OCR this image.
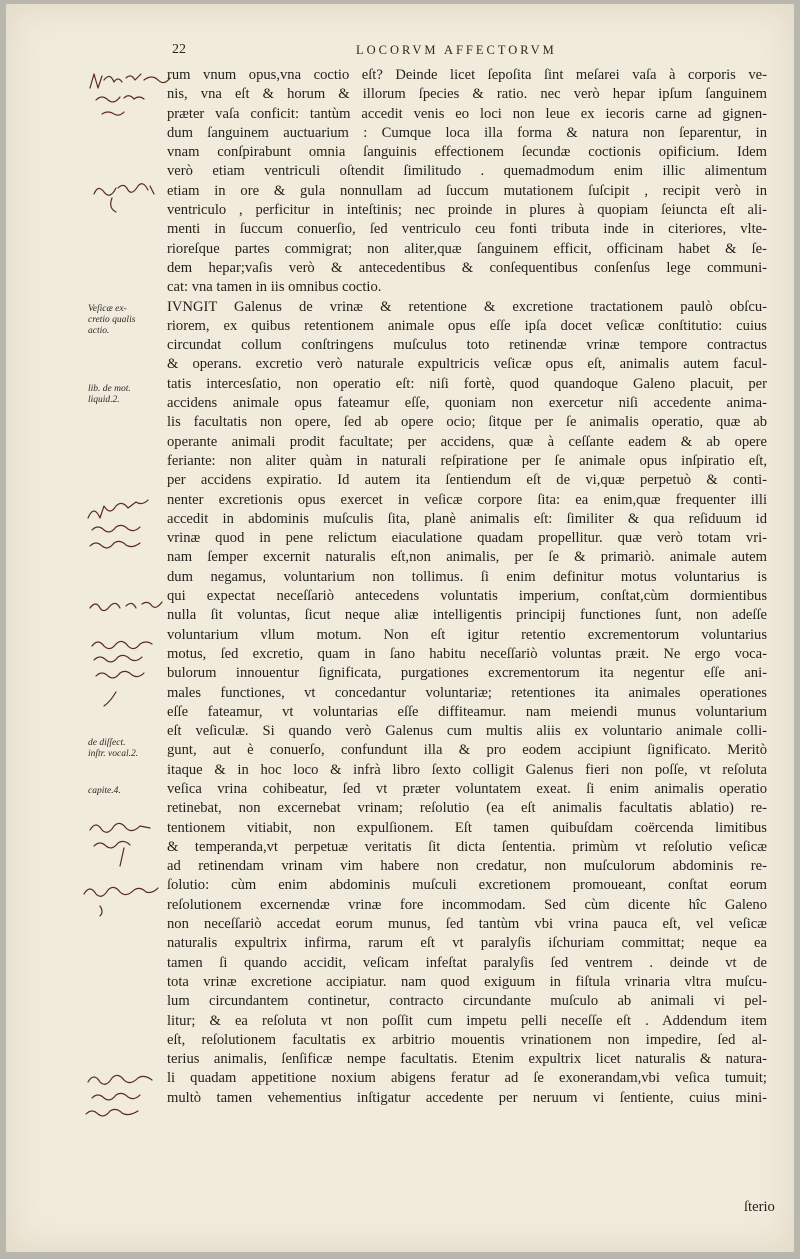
22	LOCORVM AFFECTORVM
Veſicæ ex-
cretio qualis
actio.
lib. de mot.
liquid.2.
de diſſect.
inſtr. vocal.2.
capite.4.
rum vnum opus,vna coctio eſt? Deinde licet ſepoſita ſint meſarei vaſa à corporis ve-
nis, vna eſt & horum & illorum ſpecies & ratio. nec verò hepar ipſum ſanguinem
præter vaſa conficit: tantùm accedit venis eo loci non leue ex iecoris carne ad gignen-
dum ſanguinem auctuarium : Cumque loca illa forma & natura non ſeparentur, in
vnam conſpirabunt omnia ſanguinis effectionem ſecundæ coctionis opificium. Idem
verò etiam ventriculi oſtendit ſimilitudo . quemadmodum enim illic alimentum
etiam in ore & gula nonnullam ad ſuccum mutationem ſuſcipit , recipit verò in
ventriculo , perficitur in inteſtinis; nec proinde in plures à quopiam ſeiuncta eſt ali-
menti in ſuccum conuerſio, ſed ventriculo ceu fonti tributa inde in citeriores, vlte-
rioreſque partes commigrat; non aliter,quæ ſanguinem efficit, officinam habet & ſe-
dem hepar;vaſis verò & antecedentibus & conſequentibus conſenſus lege communi-
cat: vna tamen in iis omnibus coctio.
IVNGIT Galenus de vrinæ & retentione & excretione tractationem paulò obſcu-
riorem, ex quibus retentionem animale opus eſſe ipſa docet veſicæ conſtitutio: cuius
circundat collum conſtringens muſculus toto retinendæ vrinæ tempore contractus
& operans. excretio verò naturale expultricis veſicæ opus eſt, animalis autem facul-
tatis intercesſatio, non operatio eſt: niſi fortè, quod quandoque Galeno placuit, per
accidens animale opus fateamur eſſe, quoniam non exercetur niſi accedente anima-
lis facultatis non opere, ſed ab opere ocio; ſitque per ſe animalis operatio, quæ ab
operante animali prodit facultate; per accidens, quæ à ceſſante eadem & ab opere
feriante: non aliter quàm in naturali reſpiratione per ſe animale opus inſpiratio eſt,
per accidens expiratio. Id autem ita ſentiendum eſt de vi,quæ perpetuò & conti-
nenter excretionis opus exercet in veſicæ corpore ſita: ea enim,quæ frequenter illi
accedit in abdominis muſculis ſita, planè animalis eſt: ſimiliter & qua reſiduum id
vrinæ quod in pene relictum eiaculatione quadam propellitur. quæ verò totam vri-
nam ſemper excernit naturalis eſt,non animalis, per ſe & primariò. animale autem
dum negamus, voluntarium non tollimus. ſi enim definitur motus voluntarius is
qui expectat neceſſariò antecedens voluntatis imperium, conſtat,cùm dormientibus
nulla ſit voluntas, ſicut neque aliæ intelligentis principij functiones ſunt, non adeſſe
voluntarium vllum motum. Non eſt igitur retentio excrementorum voluntarius
motus, ſed excretio, quam in ſano habitu neceſſariò voluntas præit. Ne ergo voca-
bulorum innouentur ſignificata, purgationes excrementorum ita negentur eſſe ani-
males functiones, vt concedantur voluntariæ; retentiones ita animales operationes
eſſe fateamur, vt voluntarias eſſe diffiteamur. nam meiendi munus voluntarium
eſt veſiculæ. Si quando verò Galenus cum multis aliis ex voluntario animale colli-
gunt, aut è conuerſo, confundunt illa & pro eodem accipiunt ſignificato. Meritò
itaque & in hoc loco & infrà libro ſexto colligit Galenus fieri non poſſe, vt reſoluta
veſica vrina cohibeatur, ſed vt præter voluntatem exeat. ſi enim animalis operatio
retinebat, non excernebat vrinam; reſolutio (ea eſt animalis facultatis ablatio) re-
tentionem vitiabit, non expulſionem. Eſt tamen quibuſdam coërcenda limitibus
& temperanda,vt perpetuæ veritatis ſit dicta ſententia. primùm vt reſolutio veſicæ
ad retinendam vrinam vim habere non credatur, non muſculorum abdominis re-
ſolutio: cùm enim abdominis muſculi excretionem promoueant, conſtat eorum
reſolutionem excernendæ vrinæ fore incommodam. Sed cùm dicente hîc Galeno
non neceſſariò accedat eorum munus, ſed tantùm vbi vrina pauca eſt, vel veſicæ
naturalis expultrix infirma, rarum eſt vt paralyſis iſchuriam committat; neque ea
tamen ſi quando accidit, veſicam infeſtat paralyſis ſed ventrem . deinde vt de
tota vrinæ excretione accipiatur. nam quod exiguum in fiſtula vrinaria vltra muſcu-
lum circundantem continetur, contracto circundante muſculo ab animali vi pel-
litur; & ea reſoluta vt non poſſit cum impetu pelli neceſſe eſt . Addendum item
eſt, reſolutionem facultatis ex arbitrio mouentis vrinationem non impedire, ſed al-
terius animalis, ſenſificæ nempe facultatis. Etenim expultrix licet naturalis & natura-
li quadam appetitione noxium abigens feratur ad ſe exonerandam,vbi veſica tumuit;
multò tamen vehementius inſtigatur accedente per neruum vi ſentiente, cuius mini-
ſterio
